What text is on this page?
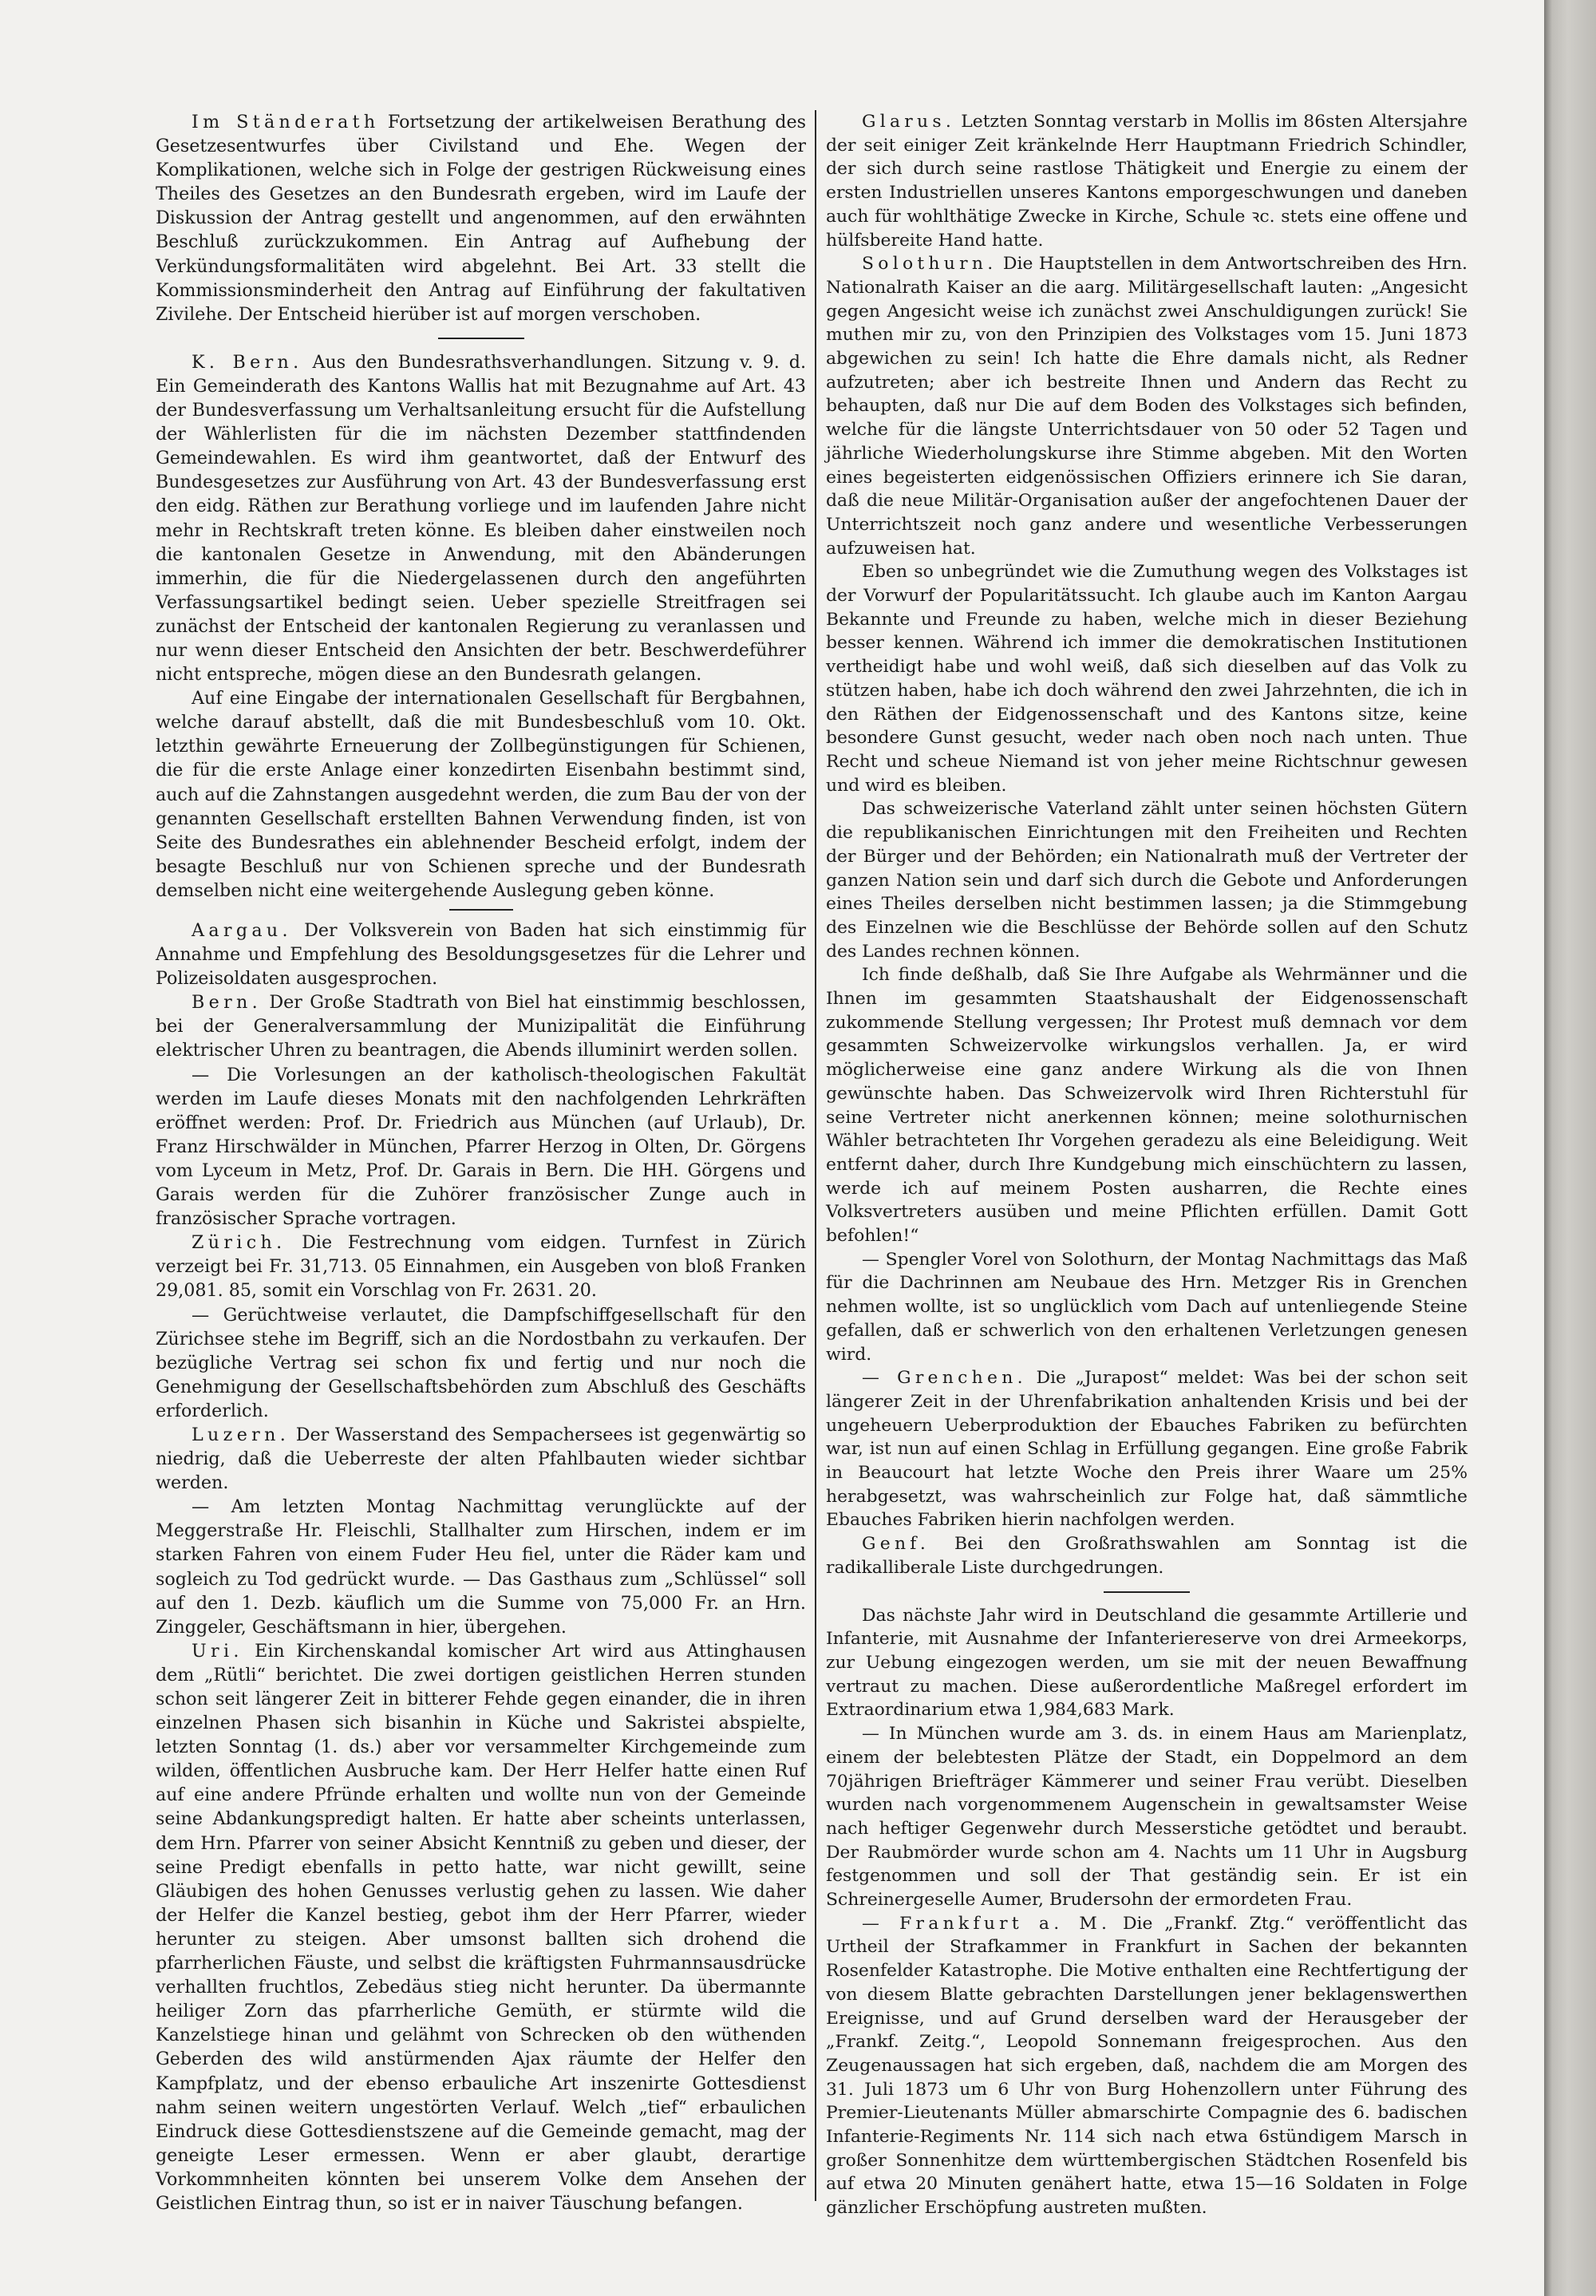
Im Ständerath Fortsetzung der artikelweisen Berathung des Gesetzesentwurfes über Civilstand und Ehe. Wegen der Komplikationen, welche sich in Folge der gestrigen Rückweisung eines Theiles des Gesetzes an den Bundesrath ergeben, wird im Laufe der Diskussion der Antrag gestellt und angenommen, auf den erwähnten Beschluß zurückzukommen. Ein Antrag auf Aufhebung der Verkündungsformalitäten wird abgelehnt. Bei Art. 33 stellt die Kommissionsminderheit den Antrag auf Einführung der fakultativen Zivilehe. Der Entscheid hierüber ist auf morgen verschoben.

K. Bern. Aus den Bundesrathsverhandlungen. Sitzung v. 9. d. Ein Gemeinderath des Kantons Wallis hat mit Bezugnahme auf Art. 43 der Bundesverfassung um Verhaltsanleitung ersucht für die Aufstellung der Wählerlisten für die im nächsten Dezember stattfindenden Gemeindewahlen. Es wird ihm geantwortet, daß der Entwurf des Bundesgesetzes zur Ausführung von Art. 43 der Bundesverfassung erst den eidg. Räthen zur Berathung vorliege und im laufenden Jahre nicht mehr in Rechtskraft treten könne. Es bleiben daher einstweilen noch die kantonalen Gesetze in Anwendung, mit den Abänderungen immerhin, die für die Niedergelassenen durch den angeführten Verfassungsartikel bedingt seien. Ueber spezielle Streitfragen sei zunächst der Entscheid der kantonalen Regierung zu veranlassen und nur wenn dieser Entscheid den Ansichten der betr. Beschwerdeführer nicht entspreche, mögen diese an den Bundesrath gelangen.

Auf eine Eingabe der internationalen Gesellschaft für Bergbahnen, welche darauf abstellt, daß die mit Bundesbeschluß vom 10. Okt. letzthin gewährte Erneuerung der Zollbegünstigungen für Schienen, die für die erste Anlage einer konzedirten Eisenbahn bestimmt sind, auch auf die Zahnstangen ausgedehnt werden, die zum Bau der von der genannten Gesellschaft erstellten Bahnen Verwendung finden, ist von Seite des Bundesrathes ein ablehnender Bescheid erfolgt, indem der besagte Beschluß nur von Schienen spreche und der Bundesrath demselben nicht eine weitergehende Auslegung geben könne.

Aargau. Der Volksverein von Baden hat sich einstimmig für Annahme und Empfehlung des Besoldungsgesetzes für die Lehrer und Polizeisoldaten ausgesprochen.

Bern. Der Große Stadtrath von Biel hat einstimmig beschlossen, bei der Generalversammlung der Munizipalität die Einführung elektrischer Uhren zu beantragen, die Abends illuminirt werden sollen.

— Die Vorlesungen an der katholisch-theologischen Fakultät werden im Laufe dieses Monats mit den nachfolgenden Lehrkräften eröffnet werden: Prof. Dr. Friedrich aus München (auf Urlaub), Dr. Franz Hirschwälder in München, Pfarrer Herzog in Olten, Dr. Görgens vom Lyceum in Metz, Prof. Dr. Garais in Bern. Die HH. Görgens und Garais werden für die Zuhörer französischer Zunge auch in französischer Sprache vortragen.

Zürich. Die Festrechnung vom eidgen. Turnfest in Zürich verzeigt bei Fr. 31,713. 05 Einnahmen, ein Ausgeben von bloß Franken 29,081. 85, somit ein Vorschlag von Fr. 2631. 20.

— Gerüchtweise verlautet, die Dampfschiffgesellschaft für den Zürichsee stehe im Begriff, sich an die Nordostbahn zu verkaufen. Der bezügliche Vertrag sei schon fix und fertig und nur noch die Genehmigung der Gesellschaftsbehörden zum Abschluß des Geschäfts erforderlich.

Luzern. Der Wasserstand des Sempachersees ist gegenwärtig so niedrig, daß die Ueberreste der alten Pfahlbauten wieder sichtbar werden.

— Am letzten Montag Nachmittag verunglückte auf der Meggerstraße Hr. Fleischli, Stallhalter zum Hirschen, indem er im starken Fahren von einem Fuder Heu fiel, unter die Räder kam und sogleich zu Tod gedrückt wurde. — Das Gasthaus zum „Schlüssel“ soll auf den 1. Dezb. käuflich um die Summe von 75,000 Fr. an Hrn. Zinggeler, Geschäftsmann in hier, übergehen.

Uri. Ein Kirchenskandal komischer Art wird aus Attinghausen dem „Rütli“ berichtet. Die zwei dortigen geistlichen Herren stunden schon seit längerer Zeit in bitterer Fehde gegen einander, die in ihren einzelnen Phasen sich bisanhin in Küche und Sakristei abspielte, letzten Sonntag (1. ds.) aber vor versammelter Kirchgemeinde zum wilden, öffentlichen Ausbruche kam. Der Herr Helfer hatte einen Ruf auf eine andere Pfründe erhalten und wollte nun von der Gemeinde seine Abdankungspredigt halten. Er hatte aber scheints unterlassen, dem Hrn. Pfarrer von seiner Absicht Kenntniß zu geben und dieser, der seine Predigt ebenfalls in petto hatte, war nicht gewillt, seine Gläubigen des hohen Genusses verlustig gehen zu lassen. Wie daher der Helfer die Kanzel bestieg, gebot ihm der Herr Pfarrer, wieder herunter zu steigen. Aber umsonst ballten sich drohend die pfarrherlichen Fäuste, und selbst die kräftigsten Fuhrmannsausdrücke verhallten fruchtlos, Zebedäus stieg nicht herunter. Da übermannte heiliger Zorn das pfarrherliche Gemüth, er stürmte wild die Kanzelstiege hinan und gelähmt von Schrecken ob den wüthenden Geberden des wild anstürmenden Ajax räumte der Helfer den Kampfplatz, und der ebenso erbauliche Art inszenirte Gottesdienst nahm seinen weitern ungestörten Verlauf. Welch „tief“ erbaulichen Eindruck diese Gottesdienstszene auf die Gemeinde gemacht, mag der geneigte Leser ermessen. Wenn er aber glaubt, derartige Vorkommnheiten könnten bei unserem Volke dem Ansehen der Geistlichen Eintrag thun, so ist er in naiver Täuschung befangen.

Glarus. Letzten Sonntag verstarb in Mollis im 86sten Altersjahre der seit einiger Zeit kränkelnde Herr Hauptmann Friedrich Schindler, der sich durch seine rastlose Thätigkeit und Energie zu einem der ersten Industriellen unseres Kantons emporgeschwungen und daneben auch für wohlthätige Zwecke in Kirche, Schule ꝛc. stets eine offene und hülfsbereite Hand hatte.

Solothurn. Die Hauptstellen in dem Antwortschreiben des Hrn. Nationalrath Kaiser an die aarg. Militärgesellschaft lauten: „Angesicht gegen Angesicht weise ich zunächst zwei Anschuldigungen zurück! Sie muthen mir zu, von den Prinzipien des Volkstages vom 15. Juni 1873 abgewichen zu sein! Ich hatte die Ehre damals nicht, als Redner aufzutreten; aber ich bestreite Ihnen und Andern das Recht zu behaupten, daß nur Die auf dem Boden des Volkstages sich befinden, welche für die längste Unterrichtsdauer von 50 oder 52 Tagen und jährliche Wiederholungskurse ihre Stimme abgeben. Mit den Worten eines begeisterten eidgenössischen Offiziers erinnere ich Sie daran, daß die neue Militär-Organisation außer der angefochtenen Dauer der Unterrichtszeit noch ganz andere und wesentliche Verbesserungen aufzuweisen hat.

Eben so unbegründet wie die Zumuthung wegen des Volkstages ist der Vorwurf der Popularitätssucht. Ich glaube auch im Kanton Aargau Bekannte und Freunde zu haben, welche mich in dieser Beziehung besser kennen. Während ich immer die demokratischen Institutionen vertheidigt habe und wohl weiß, daß sich dieselben auf das Volk zu stützen haben, habe ich doch während den zwei Jahrzehnten, die ich in den Räthen der Eidgenossenschaft und des Kantons sitze, keine besondere Gunst gesucht, weder nach oben noch nach unten. Thue Recht und scheue Niemand ist von jeher meine Richtschnur gewesen und wird es bleiben.

Das schweizerische Vaterland zählt unter seinen höchsten Gütern die republikanischen Einrichtungen mit den Freiheiten und Rechten der Bürger und der Behörden; ein Nationalrath muß der Vertreter der ganzen Nation sein und darf sich durch die Gebote und Anforderungen eines Theiles derselben nicht bestimmen lassen; ja die Stimmgebung des Einzelnen wie die Beschlüsse der Behörde sollen auf den Schutz des Landes rechnen können.

Ich finde deßhalb, daß Sie Ihre Aufgabe als Wehrmänner und die Ihnen im gesammten Staatshaushalt der Eidgenossenschaft zukommende Stellung vergessen; Ihr Protest muß demnach vor dem gesammten Schweizervolke wirkungslos verhallen. Ja, er wird möglicherweise eine ganz andere Wirkung als die von Ihnen gewünschte haben. Das Schweizervolk wird Ihren Richterstuhl für seine Vertreter nicht anerkennen können; meine solothurnischen Wähler betrachteten Ihr Vorgehen geradezu als eine Beleidigung. Weit entfernt daher, durch Ihre Kundgebung mich einschüchtern zu lassen, werde ich auf meinem Posten ausharren, die Rechte eines Volksvertreters ausüben und meine Pflichten erfüllen. Damit Gott befohlen!“

— Spengler Vorel von Solothurn, der Montag Nachmittags das Maß für die Dachrinnen am Neubaue des Hrn. Metzger Ris in Grenchen nehmen wollte, ist so unglücklich vom Dach auf untenliegende Steine gefallen, daß er schwerlich von den erhaltenen Verletzungen genesen wird.

— Grenchen. Die „Jurapost“ meldet: Was bei der schon seit längerer Zeit in der Uhrenfabrikation anhaltenden Krisis und bei der ungeheuern Ueberproduktion der Ebauches Fabriken zu befürchten war, ist nun auf einen Schlag in Erfüllung gegangen. Eine große Fabrik in Beaucourt hat letzte Woche den Preis ihrer Waare um 25% herabgesetzt, was wahrscheinlich zur Folge hat, daß sämmtliche Ebauches Fabriken hierin nachfolgen werden.

Genf. Bei den Großrathswahlen am Sonntag ist die radikalliberale Liste durchgedrungen.

Das nächste Jahr wird in Deutschland die gesammte Artillerie und Infanterie, mit Ausnahme der Infanteriereserve von drei Armeekorps, zur Uebung eingezogen werden, um sie mit der neuen Bewaffnung vertraut zu machen. Diese außerordentliche Maßregel erfordert im Extraordinarium etwa 1,984,683 Mark.

— In München wurde am 3. ds. in einem Haus am Marienplatz, einem der belebtesten Plätze der Stadt, ein Doppelmord an dem 70jährigen Briefträger Kämmerer und seiner Frau verübt. Dieselben wurden nach vorgenommenem Augenschein in gewaltsamster Weise nach heftiger Gegenwehr durch Messerstiche getödtet und beraubt. Der Raubmörder wurde schon am 4. Nachts um 11 Uhr in Augsburg festgenommen und soll der That geständig sein. Er ist ein Schreinergeselle Aumer, Brudersohn der ermordeten Frau.

— Frankfurt a. M. Die „Frankf. Ztg.“ veröffentlicht das Urtheil der Strafkammer in Frankfurt in Sachen der bekannten Rosenfelder Katastrophe. Die Motive enthalten eine Rechtfertigung der von diesem Blatte gebrachten Darstellungen jener beklagenswerthen Ereignisse, und auf Grund derselben ward der Herausgeber der „Frankf. Zeitg.“, Leopold Sonnemann freigesprochen. Aus den Zeugenaussagen hat sich ergeben, daß, nachdem die am Morgen des 31. Juli 1873 um 6 Uhr von Burg Hohenzollern unter Führung des Premier-Lieutenants Müller abmarschirte Compagnie des 6. badischen Infanterie-Regiments Nr. 114 sich nach etwa 6stündigem Marsch in großer Sonnenhitze dem württembergischen Städtchen Rosenfeld bis auf etwa 20 Minuten genähert hatte, etwa 15—16 Soldaten in Folge gänzlicher Erschöpfung austreten mußten.
